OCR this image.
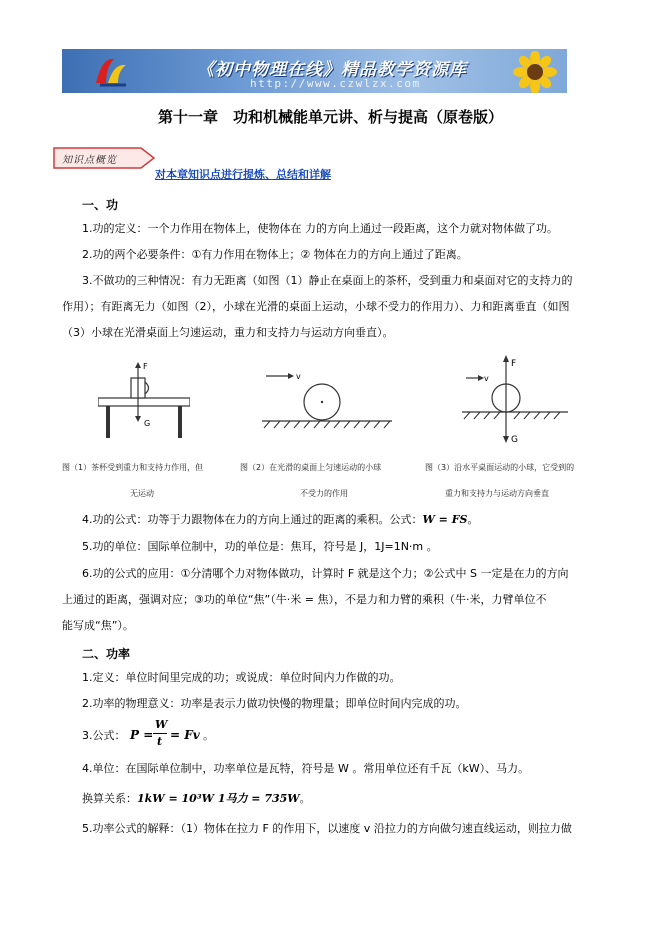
《初中物理在线》精品教学资源库
http://www.czwlzx.com
第十一章　功和机械能单元讲、析与提高（原卷版）
知识点概览
对本章知识点进行提炼、总结和详解
一、功
1.功的定义：一个力作用在物体上，使物体在 力的方向上通过一段距离，这个力就对物体做了功。
2.功的两个必要条件：①有力作用在物体上；② 物体在力的方向上通过了距离。
3.不做功的三种情况：有力无距离（如图（1）静止在桌面上的茶杯，受到重力和桌面对它的支持力的
作用）；有距离无力（如图（2），小球在光滑的桌面上运动，小球不受力的作用力）、力和距离垂直（如图
（3）小球在光滑桌面上匀速运动，重力和支持力与运动方向垂直）。
F
G
v	v
F
G
图（1）茶杯受到重力和支持力作用，但
无运动
图（2）在光滑的桌面上匀速运动的小球
不受力的作用
图（3）沿水平桌面运动的小球，它受到的
重力和支持力与运动方向垂直
4.功的公式：功等于力跟物体在力的方向上通过的距离的乘积。公式：W = FS。
5.功的单位：国际单位制中，功的单位是：焦耳，符号是 J，1J=1N·m 。
6.功的公式的应用：①分清哪个力对物体做功，计算时 F 就是这个力；②公式中 S 一定是在力的方向
上通过的距离，强调对应；③功的单位“焦”（牛·米 = 焦），不是力和力臂的乘积（牛·米，力臂单位不
能写成“焦”）。
二、功率
1.定义：单位时间里完成的功；或说成：单位时间内力作做的功。
2.功率的物理意义：功率是表示力做功快慢的物理量；即单位时间内完成的功。
3.公式： P =
W
t = Fv 。
4.单位：在国际单位制中，功率单位是瓦特，符号是 W 。常用单位还有千瓦（kW）、马力。
换算关系：1kW = 10³W 1马力 = 735W。
5.功率公式的解释：（1）物体在拉力 F 的作用下，以速度 v 沿拉力的方向做匀速直线运动，则拉力做
